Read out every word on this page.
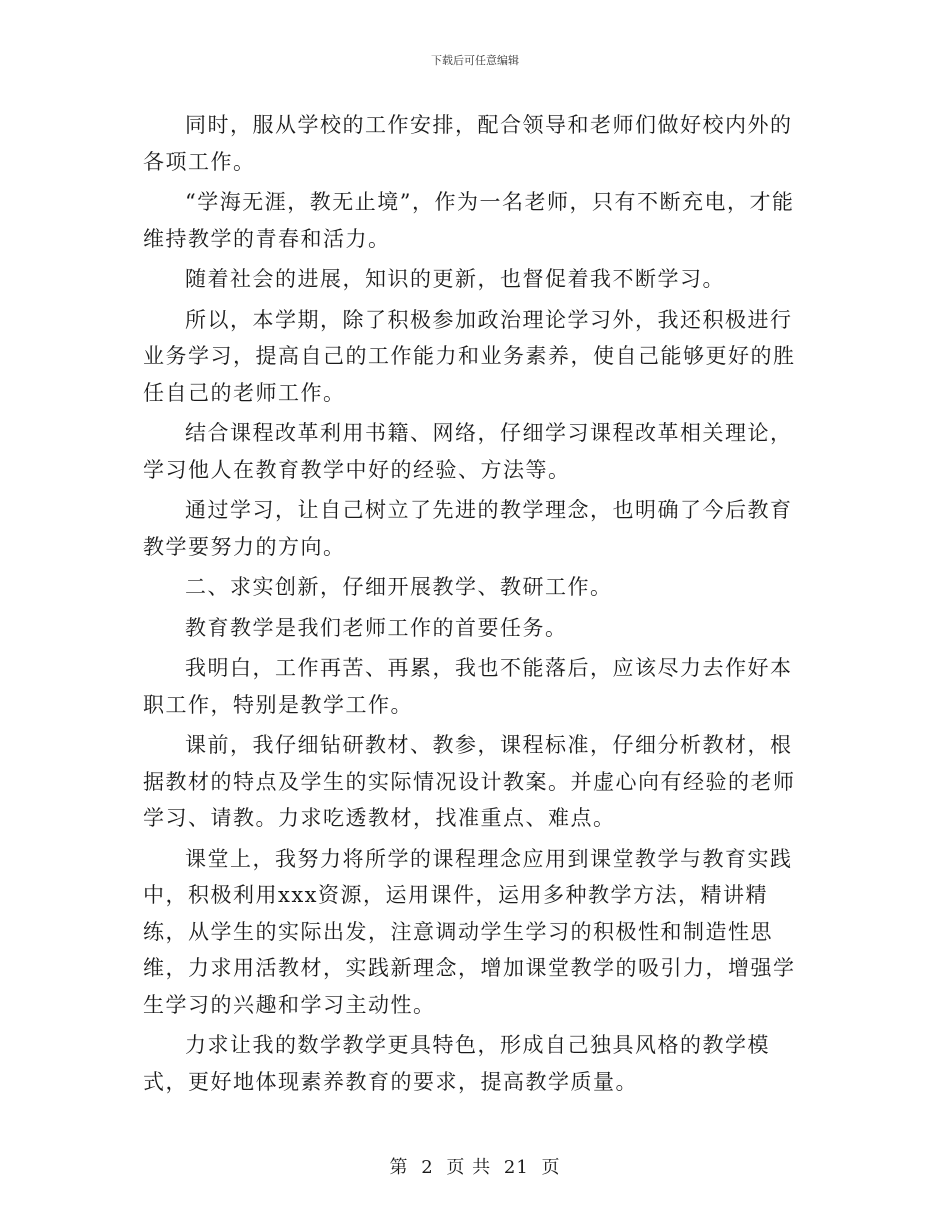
下载后可任意编辑

同时，服从学校的工作安排，配合领导和老师们做好校内外的各项工作。

“学海无涯，教无止境”，作为一名老师，只有不断充电，才能维持教学的青春和活力。

随着社会的进展，知识的更新，也督促着我不断学习。

所以，本学期，除了积极参加政治理论学习外，我还积极进行业务学习，提高自己的工作能力和业务素养，使自己能够更好的胜任自己的老师工作。

结合课程改革利用书籍、网络，仔细学习课程改革相关理论，学习他人在教育教学中好的经验、方法等。

通过学习，让自己树立了先进的教学理念，也明确了今后教育教学要努力的方向。

二、求实创新，仔细开展教学、教研工作。

教育教学是我们老师工作的首要任务。

我明白，工作再苦、再累，我也不能落后，应该尽力去作好本职工作，特别是教学工作。

课前，我仔细钻研教材、教参，课程标准，仔细分析教材，根据教材的特点及学生的实际情况设计教案。并虚心向有经验的老师学习、请教。力求吃透教材，找准重点、难点。

课堂上，我努力将所学的课程理念应用到课堂教学与教育实践中，积极利用xxx资源，运用课件，运用多种教学方法，精讲精练，从学生的实际出发，注意调动学生学习的积极性和制造性思维，力求用活教材，实践新理念，增加课堂教学的吸引力，增强学生学习的兴趣和学习主动性。

力求让我的数学教学更具特色，形成自己独具风格的教学模式，更好地体现素养教育的要求，提高教学质量。

第 2 页 共 21 页
